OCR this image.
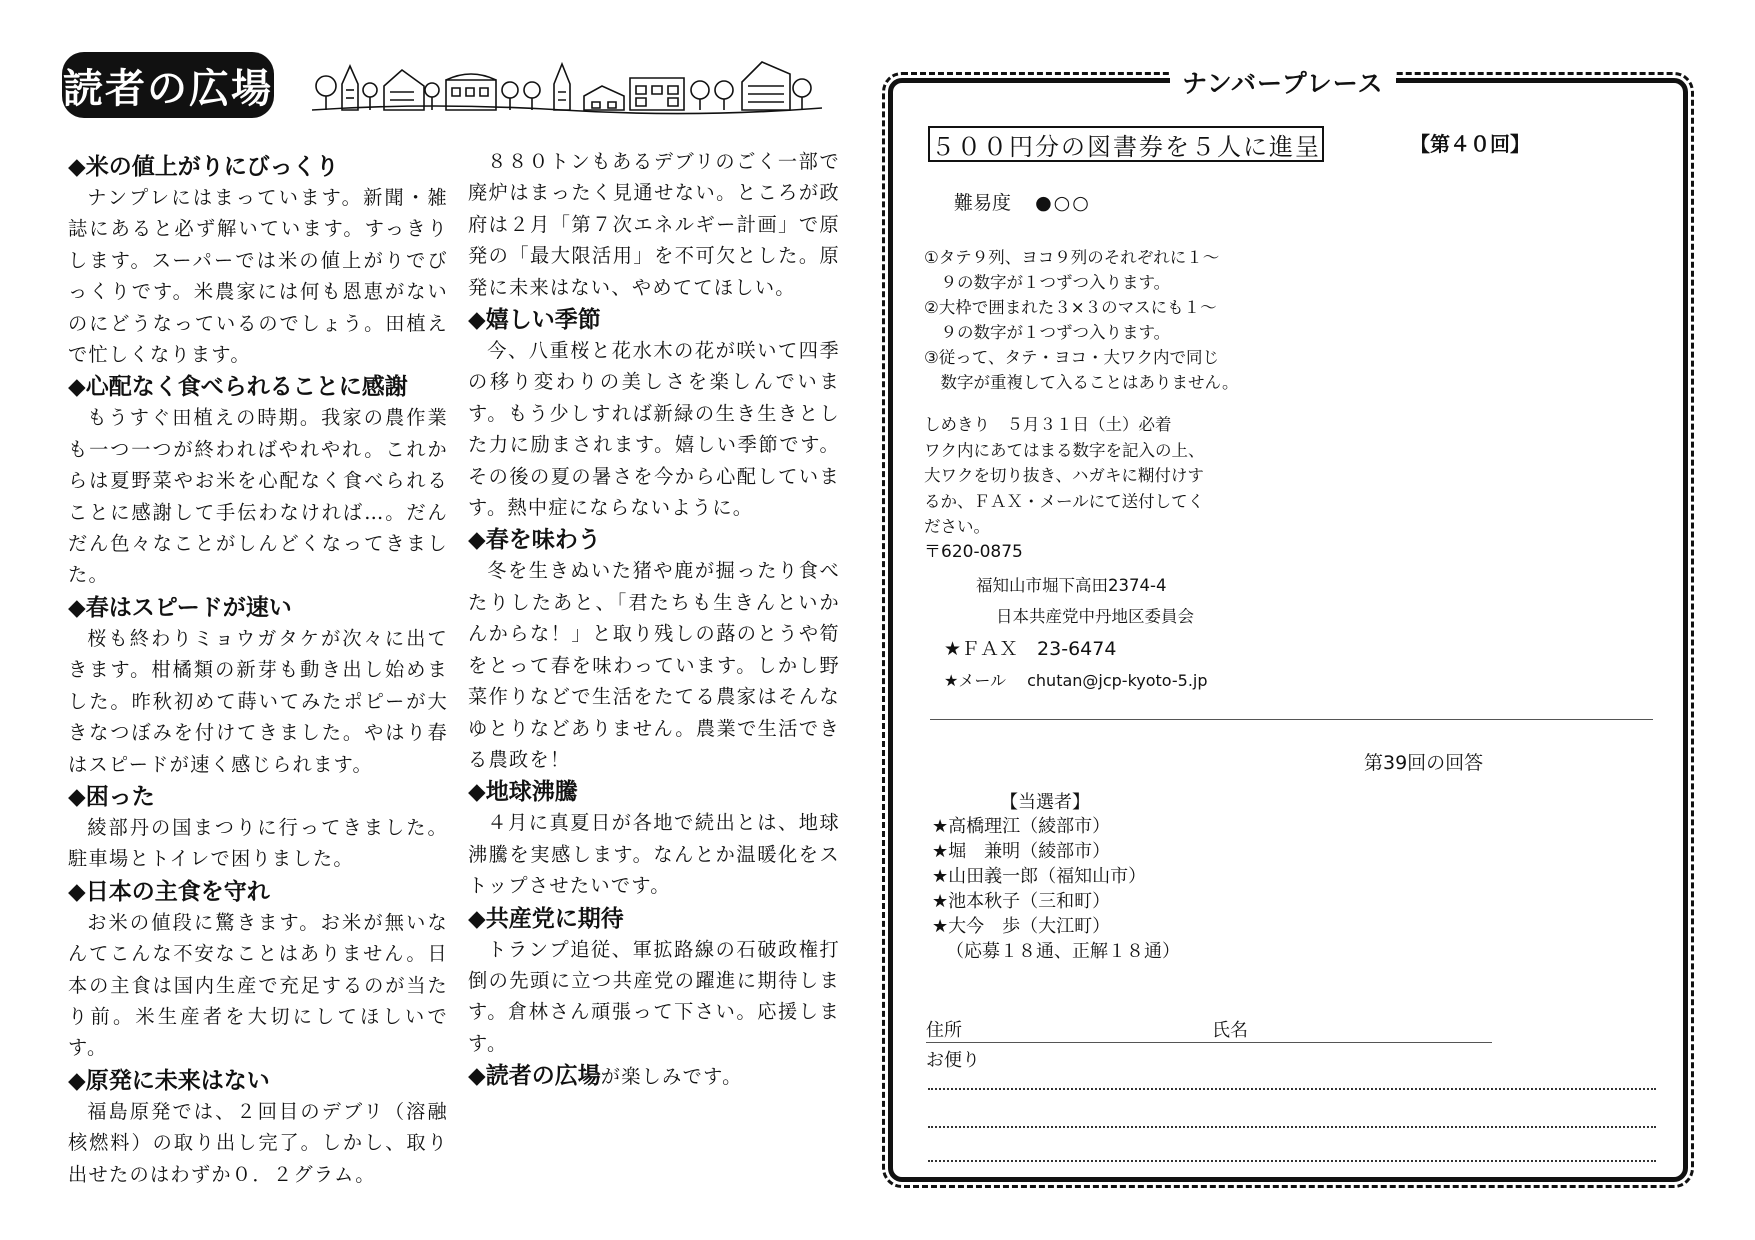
読者の広場
◆米の値上がりにびっくり

ナンプレにはまっています。新聞・雑誌にあると必ず解いています。すっきりします。スーパーでは米の値上がりでびっくりです。米農家には何も恩恵がないのにどうなっているのでしょう。田植えで忙しくなります。

◆心配なく食べられることに感謝

もうすぐ田植えの時期。我家の農作業も一つ一つが終わればやれやれ。これからは夏野菜やお米を心配なく食べられることに感謝して手伝わなければ…。だんだん色々なことがしんどくなってきました。

◆春はスピードが速い

桜も終わりミョウガタケが次々に出てきます。柑橘類の新芽も動き出し始めました。昨秋初めて蒔いてみたポピーが大きなつぼみを付けてきました。やはり春はスピードが速く感じられます。

◆困った

綾部丹の国まつりに行ってきました。駐車場とトイレで困りました。

◆日本の主食を守れ

お米の値段に驚きます。お米が無いなんてこんな不安なことはありません。日本の主食は国内生産で充足するのが当たり前。米生産者を大切にしてほしいです。

◆原発に未来はない

福島原発では、２回目のデブリ（溶融核燃料）の取り出し完了。しかし、取り出せたのはわずか０．２グラム。

８８０トンもあるデブリのごく一部で廃炉はまったく見通せない。ところが政府は２月「第７次エネルギー計画」で原発の「最大限活用」を不可欠とした。原発に未来はない、やめててほしい。

◆嬉しい季節

今、八重桜と花水木の花が咲いて四季の移り変わりの美しさを楽しんでいます。もう少しすれば新緑の生き生きとした力に励まされます。嬉しい季節です。その後の夏の暑さを今から心配しています。熱中症にならないように。

◆春を味わう

冬を生きぬいた猪や鹿が掘ったり食べたりしたあと、「君たちも生きんといかんからな！」と取り残しの蕗のとうや筍をとって春を味わっています。しかし野菜作りなどで生活をたてる農家はそんなゆとりなどありません。農業で生活できる農政を！

◆地球沸騰

４月に真夏日が各地で続出とは、地球沸騰を実感します。なんとか温暖化をストップさせたいです。

◆共産党に期待

トランプ追従、軍拡路線の石破政権打倒の先頭に立つ共産党の躍進に期待します。倉林さん頑張って下さい。応援します。

◆読者の広場が楽しみです。
ナンバープレース
５００円分の図書券を５人に進呈	【第４０回】
難易度 ●○○
①タテ９列、ヨコ９列のそれぞれに１～
　９の数字が１つずつ入ります。
②大枠で囲まれた３×３のマスにも１～
　９の数字が１つずつ入ります。
③従って、タテ・ヨコ・大ワク内で同じ
　数字が重複して入ることはありません。
しめきり　５月３１日（土）必着
ワク内にあてはまる数字を記入の上、
大ワクを切り抜き、ハガキに糊付けす
るか、ＦＡＸ・メールにて送付してく
ださい。
〒620-0875
福知山市堀下高田2374-4
日本共産党中丹地区委員会
★ＦＡＸ　23-6474
★メール　 chutan@jcp-kyoto-5.jp
第39回の回答
【当選者】
★高橋理江（綾部市）
★堀　兼明（綾部市）
★山田義一郎（福知山市）
★池本秋子（三和町）
★大今　歩（大江町）
（応募１８通、正解１８通）
住所	氏名
お便り
